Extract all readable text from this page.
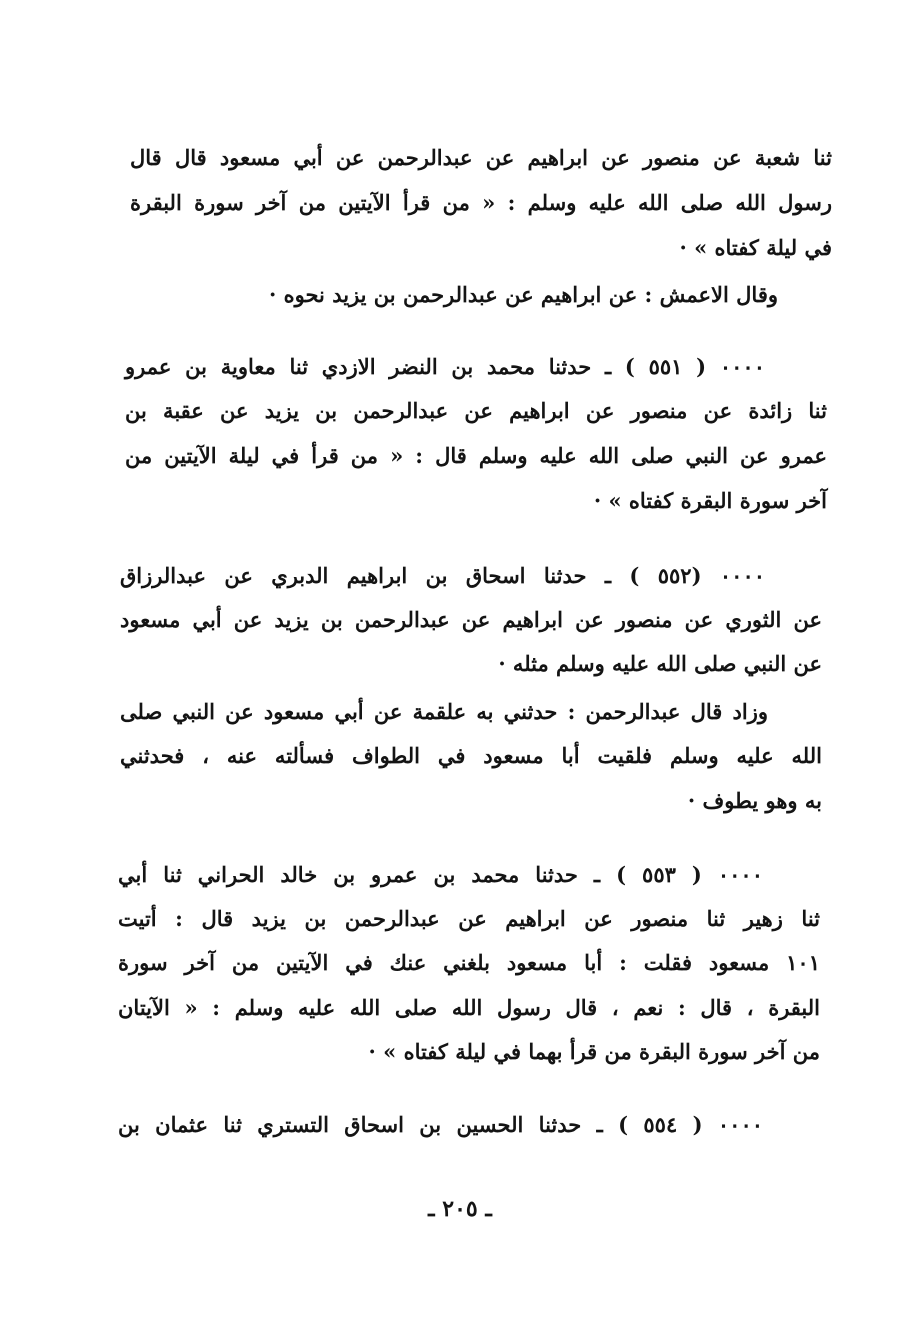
ثنا شعبة عن منصور عن ابراهيم عن عبدالرحمن عن أبي مسعود قال قال
رسول الله صلى الله عليه وسلم : « من قرأ الآيتين من آخر سورة البقرة
في ليلة كفتاه » ·
وقال الاعمش : عن ابراهيم عن عبدالرحمن بن يزيد نحوه ·
٠٠٠٠ ( ٥٥١ ) ـ حدثنا محمد بن النضر الازدي ثنا معاوية بن عمرو
ثنا زائدة عن منصور عن ابراهيم عن عبدالرحمن بن يزيد عن عقبة بن
عمرو عن النبي صلى الله عليه وسلم قال : « من قرأ في ليلة الآيتين من
آخر سورة البقرة كفتاه » ·
٠٠٠٠ (٥٥٢ ) ـ حدثنا اسحاق بن ابراهيم الدبري عن عبدالرزاق
عن الثوري عن منصور عن ابراهيم عن عبدالرحمن بن يزيد عن أبي مسعود
عن النبي صلى الله عليه وسلم مثله ·
وزاد قال عبدالرحمن : حدثني به علقمة عن أبي مسعود عن النبي صلى
الله عليه وسلم فلقيت أبا مسعود في الطواف فسألته عنه ، فحدثني
به وهو يطوف ·
٠٠٠٠ ( ٥٥٣ ) ـ حدثنا محمد بن عمرو بن خالد الحراني ثنا أبي
ثنا زهير ثنا منصور عن ابراهيم عن عبدالرحمن بن يزيد قال : أتيت
١٠١ مسعود فقلت : أبا مسعود بلغني عنك في الآيتين من آخر سورة
البقرة ، قال : نعم ، قال رسول الله صلى الله عليه وسلم : « الآيتان
من آخر سورة البقرة من قرأ بهما في ليلة كفتاه » ·
٠٠٠٠ ( ٥٥٤ ) ـ حدثنا الحسين بن اسحاق التستري ثنا عثمان بن
ـ ٢٠٥ ـ
